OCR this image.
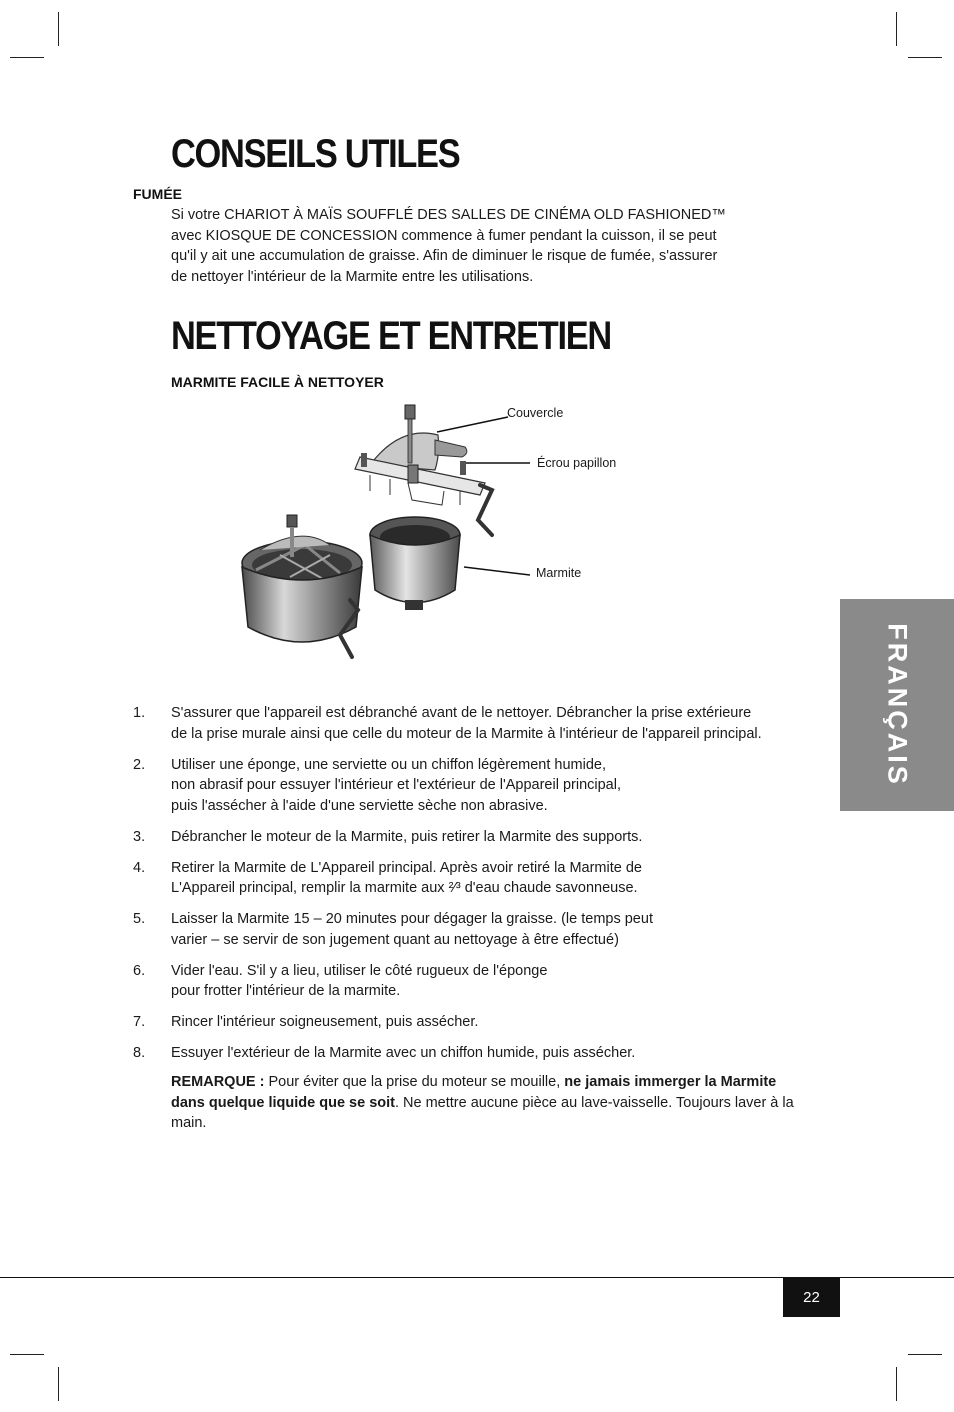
CONSEILS UTILES
FUMÉE

Si votre CHARIOT À MAÏS SOUFFLÉ DES SALLES DE CINÉMA OLD FASHIONED™ avec KIOSQUE DE CONCESSION commence à fumer pendant la cuisson, il se peut qu'il y ait une accumulation de graisse. Afin de diminuer le risque de fumée, s'assurer de nettoyer l'intérieur de la Marmite entre les utilisations.

NETTOYAGE ET ENTRETIEN
MARMITE FACILE À NETTOYER
Couvercle
Écrou papillon
Marmite
1. S'assurer que l'appareil est débranché avant de le nettoyer. Débrancher la prise extérieure
de la prise murale ainsi que celle du moteur de la Marmite à l'intérieur de l'appareil principal.
2. Utiliser une éponge, une serviette ou un chiffon légèrement humide,
non abrasif pour essuyer l'intérieur et l'extérieur de l'Appareil principal,
puis l'assécher à l'aide d'une serviette sèche non abrasive.
3. Débrancher le moteur de la Marmite, puis retirer la Marmite des supports.
4. Retirer la Marmite de L'Appareil principal. Après avoir retiré la Marmite de
L'Appareil principal, remplir la marmite aux ²⁄³ d'eau chaude savonneuse.
5. Laisser la Marmite 15 – 20 minutes pour dégager la graisse. (le temps peut
varier – se servir de son jugement quant au nettoyage à être effectué)
6. Vider l'eau. S'il y a lieu, utiliser le côté rugueux de l'éponge
pour frotter l'intérieur de la marmite.
7. Rincer l'intérieur soigneusement, puis assécher.
8. Essuyer l'extérieur de la Marmite avec un chiffon humide, puis assécher.

REMARQUE : Pour éviter que la prise du moteur se mouille, ne jamais immerger la Marmite dans quelque liquide que se soit. Ne mettre aucune pièce au lave-vaisselle. Toujours laver à la main.

FRANÇAIS
22
